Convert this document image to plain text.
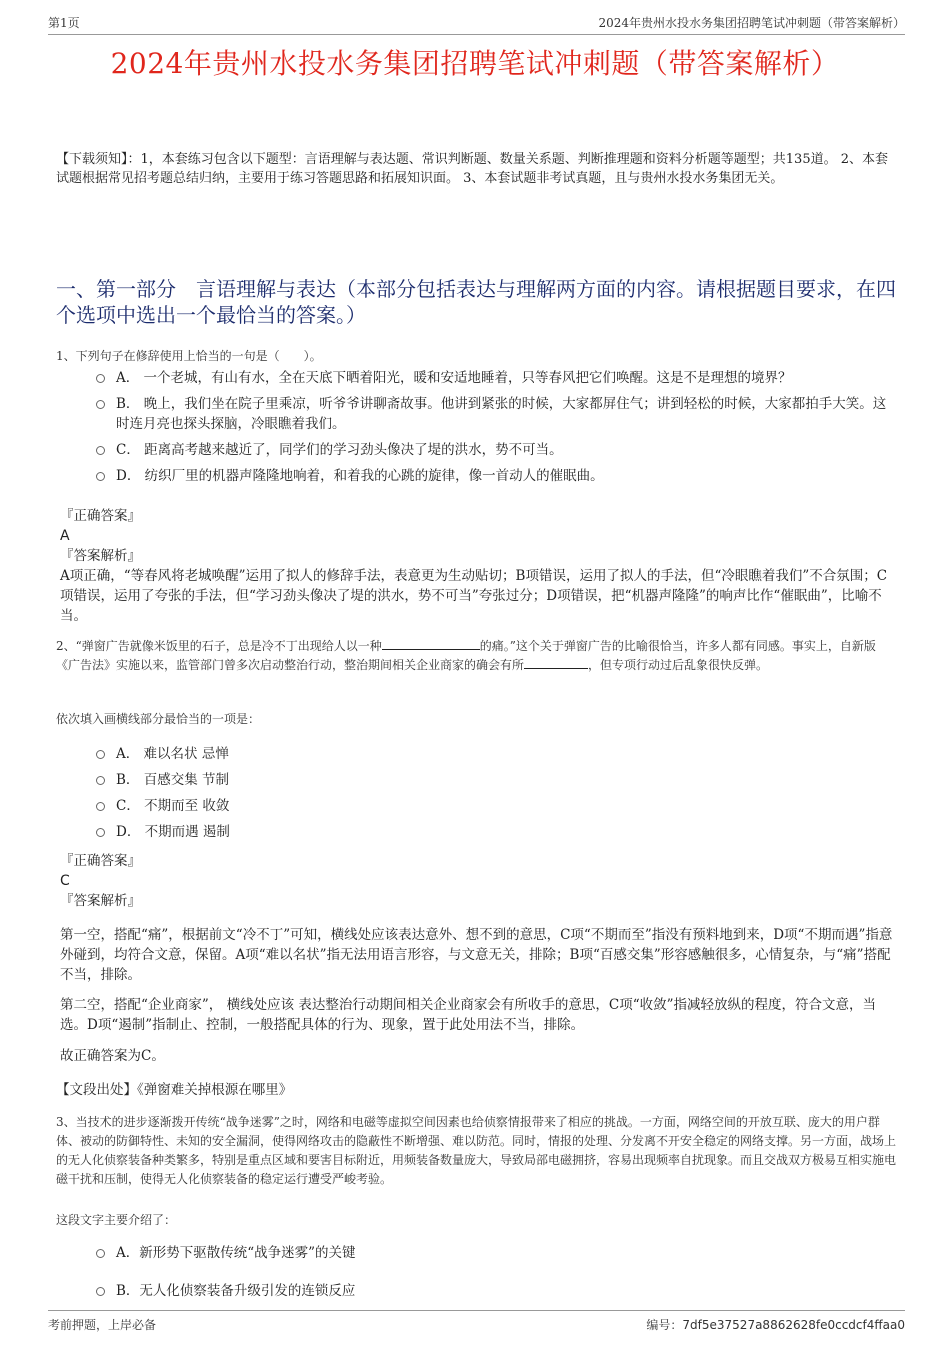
第1页	2024年贵州水投水务集团招聘笔试冲刺题（带答案解析）
2024年贵州水投水务集团招聘笔试冲刺题（带答案解析）
【下载须知】：1，本套练习包含以下题型：言语理解与表达题、常识判断题、数量关系题、判断推理题和资料分析题等题型；共135道。 2、本套试题根据常见招考题总结归纳，主要用于练习答题思路和拓展知识面。 3、本套试题非考试真题，且与贵州水投水务集团无关。
一、第一部分　言语理解与表达（本部分包括表达与理解两方面的内容。请根据题目要求，在四个选项中选出一个最恰当的答案。）
1、下列句子在修辞使用上恰当的一句是（　　）。
A． 一个老城，有山有水，全在天底下晒着阳光，暖和安适地睡着，只等春风把它们唤醒。这是不是理想的境界？
B． 晚上，我们坐在院子里乘凉，听爷爷讲聊斋故事。他讲到紧张的时候，大家都屏住气；讲到轻松的时候，大家都拍手大笑。这时连月亮也探头探脑，冷眼瞧着我们。
C． 距离高考越来越近了，同学们的学习劲头像决了堤的洪水，势不可当。
D． 纺织厂里的机器声隆隆地响着，和着我的心跳的旋律，像一首动人的催眠曲。

『正确答案』

A

『答案解析』

A项正确，“等春风将老城唤醒”运用了拟人的修辞手法，表意更为生动贴切；B项错误，运用了拟人的手法，但“冷眼瞧着我们”不合氛围；C项错误，运用了夸张的手法，但“学习劲头像决了堤的洪水，势不可当”夸张过分；D项错误，把“机器声隆隆”的响声比作“催眠曲”，比喻不当。

2、“弹窗广告就像米饭里的石子，总是冷不丁出现给人以一种	的痛。”这个关于弹窗广告的比喻很恰当，许多人都有同感。事实上，自新版《广告法》实施以来，监管部门曾多次启动整治行动，整治期间相关企业商家的确会有所	，但专项行动过后乱象很快反弹。
依次填入画横线部分最恰当的一项是：
A． 难以名状 忌惮
B． 百感交集 节制
C． 不期而至 收敛
D． 不期而遇 遏制

『正确答案』

C

『答案解析』

第一空，搭配“痛”，根据前文“冷不丁”可知，横线处应该表达意外、想不到的意思，C项“不期而至”指没有预料地到来，D项“不期而遇”指意外碰到，均符合文意，保留。A项“难以名状”指无法用语言形容，与文意无关，排除；B项“百感交集”形容感触很多，心情复杂，与“痛”搭配不当，排除。
第二空，搭配“企业商家”， 横线处应该 表达整治行动期间相关企业商家会有所收手的意思，C项“收敛”指减轻放纵的程度，符合文意，当选。D项“遏制”指制止、控制，一般搭配具体的行为、现象，置于此处用法不当，排除。
故正确答案为C。
【文段出处】《弹窗难关掉根源在哪里》
3、当技术的进步逐渐拨开传统“战争迷雾”之时，网络和电磁等虚拟空间因素也给侦察情报带来了相应的挑战。一方面，网络空间的开放互联、庞大的用户群体、被动的防御特性、未知的安全漏洞，使得网络攻击的隐蔽性不断增强、难以防范。同时，情报的处理、分发离不开安全稳定的网络支撑。另一方面，战场上的无人化侦察装备种类繁多，特别是重点区域和要害目标附近，用频装备数量庞大，导致局部电磁拥挤，容易出现频率自扰现象。而且交战双方极易互相实施电磁干扰和压制，使得无人化侦察装备的稳定运行遭受严峻考验。
这段文字主要介绍了：
A．新形势下驱散传统“战争迷雾”的关键
B．无人化侦察装备升级引发的连锁反应
考前押题，上岸必备	编号：7df5e37527a8862628fe0ccdcf4ffaa0
